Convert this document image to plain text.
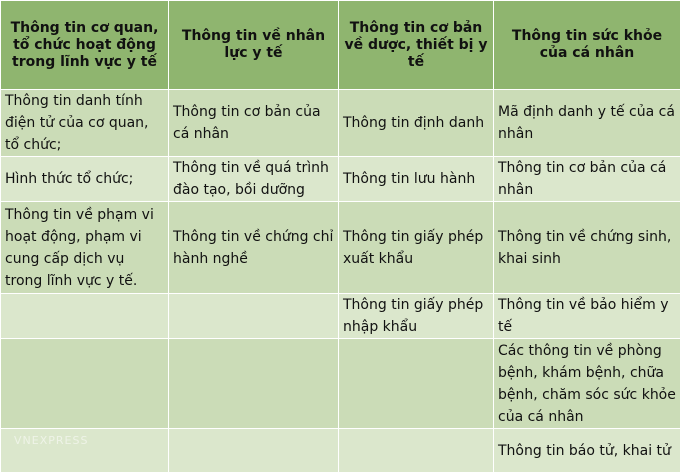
Thông tin cơ quan, tổ chức hoạt động trong lĩnh vực y tế	Thông tin về nhân lực y tế	Thông tin cơ bản về dược, thiết bị y tế	Thông tin sức khỏe của cá nhân
Thông tin danh tính điện tử của cơ quan, tổ chức;	Thông tin cơ bản của cá nhân	Thông tin định danh	Mã định danh y tế của cá nhân
Hình thức tổ chức;	Thông tin về quá trình đào tạo, bồi dưỡng	Thông tin lưu hành	Thông tin cơ bản của cá nhân
Thông tin về phạm vi hoạt động, phạm vi cung cấp dịch vụ trong lĩnh vực y tế.	Thông tin về chứng chỉ hành nghề	Thông tin giấy phép xuất khẩu	Thông tin về chứng sinh, khai sinh
		Thông tin giấy phép nhập khẩu	Thông tin về bảo hiểm y tế
			Các thông tin về phòng bệnh, khám bệnh, chữa bệnh, chăm sóc sức khỏe của cá nhân
			Thông tin báo tử, khai tử
VNEXPRESS
